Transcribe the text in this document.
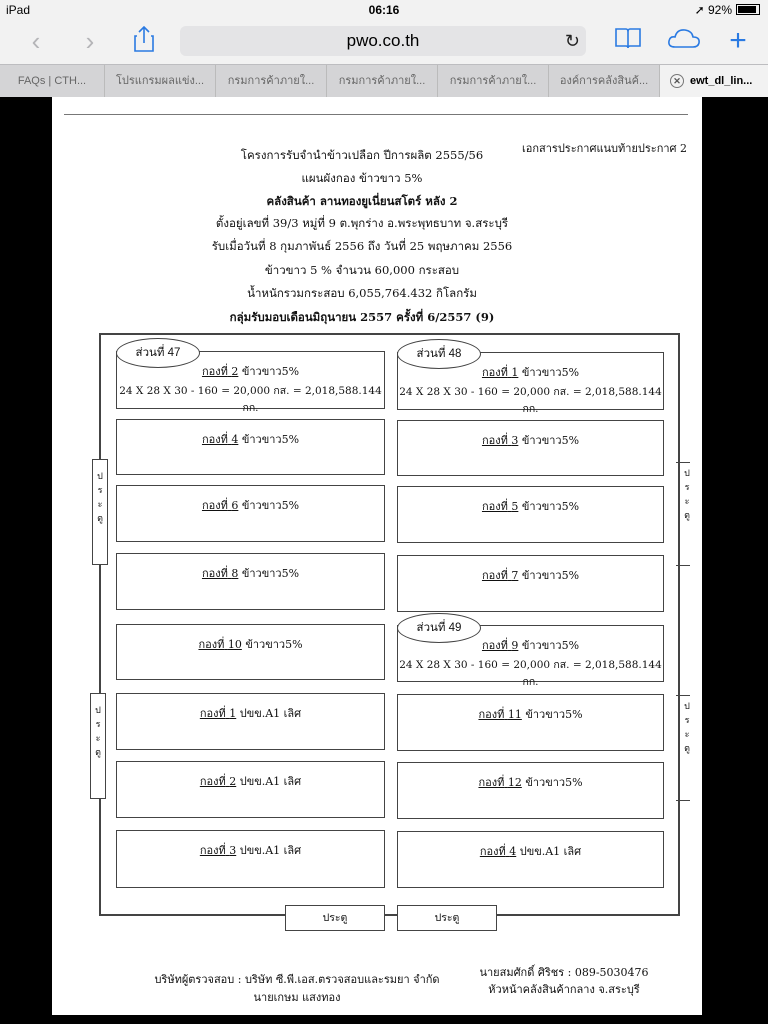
iPad	06:16	➚ 92%
‹	›	pwo.co.th	↻	+
FAQs | CTH...	โปรแกรมผลแข่ง...	กรมการค้าภายใ...	กรมการค้าภายใ...	กรมการค้าภายใ...	องค์การคลังสินค้...	✕ ewt_dl_lin...
เอกสารประกาศแนบท้ายประกาศ 2
โครงการรับจำนำข้าวเปลือก ปีการผลิต 2555/56
แผนผังกอง ข้าวขาว 5%
คลังสินค้า ลานทองยูเนี่ยนสโตร์ หลัง 2
ตั้งอยู่เลขที่ 39/3 หมู่ที่ 9 ต.พุกร่าง อ.พระพุทธบาท จ.สระบุรี
รับเมื่อวันที่ 8 กุมภาพันธ์ 2556 ถึง วันที่ 25 พฤษภาคม 2556
ข้าวขาว 5 % จำนวน 60,000 กระสอบ
น้ำหนักรวมกระสอบ 6,055,764.432 กิโลกรัม
กลุ่มรับมอบเดือนมิถุนายน 2557 ครั้งที่ 6/2557 (9)
กองที่ 2 ข้าวขาว5%
24 X 28 X 30 - 160 = 20,000 กส. = 2,018,588.144 กก.
กองที่ 4 ข้าวขาว5%
กองที่ 6 ข้าวขาว5%
กองที่ 8 ข้าวขาว5%
กองที่ 10 ข้าวขาว5%
กองที่ 1 ปขข.A1 เลิศ
กองที่ 2 ปขข.A1 เลิศ
กองที่ 3 ปขข.A1 เลิศ
กองที่ 1 ข้าวขาว5%
24 X 28 X 30 - 160 = 20,000 กส. = 2,018,588.144 กก.
กองที่ 3 ข้าวขาว5%
กองที่ 5 ข้าวขาว5%
กองที่ 7 ข้าวขาว5%
กองที่ 9 ข้าวขาว5%
24 X 28 X 30 - 160 = 20,000 กส. = 2,018,588.144 กก.
กองที่ 11 ข้าวขาว5%
กองที่ 12 ข้าวขาว5%
กองที่ 4 ปขข.A1 เลิศ
ส่วนที่ 47	ส่วนที่ 48
ส่วนที่ 49
ป
ร
ะ
ตู
ป
ร
ะ
ตู
ป
ร
ะ
ตู
ป
ร
ะ
ตู
ประตู	ประตู
บริษัทผู้ตรวจสอบ : บริษัท ซี.พี.เอส.ตรวจสอบและรมยา จำกัด
นายเกษม แสงทอง
นายสมศักดิ์ ศิริชร : 089-5030476
หัวหน้าคลังสินค้ากลาง จ.สระบุรี
